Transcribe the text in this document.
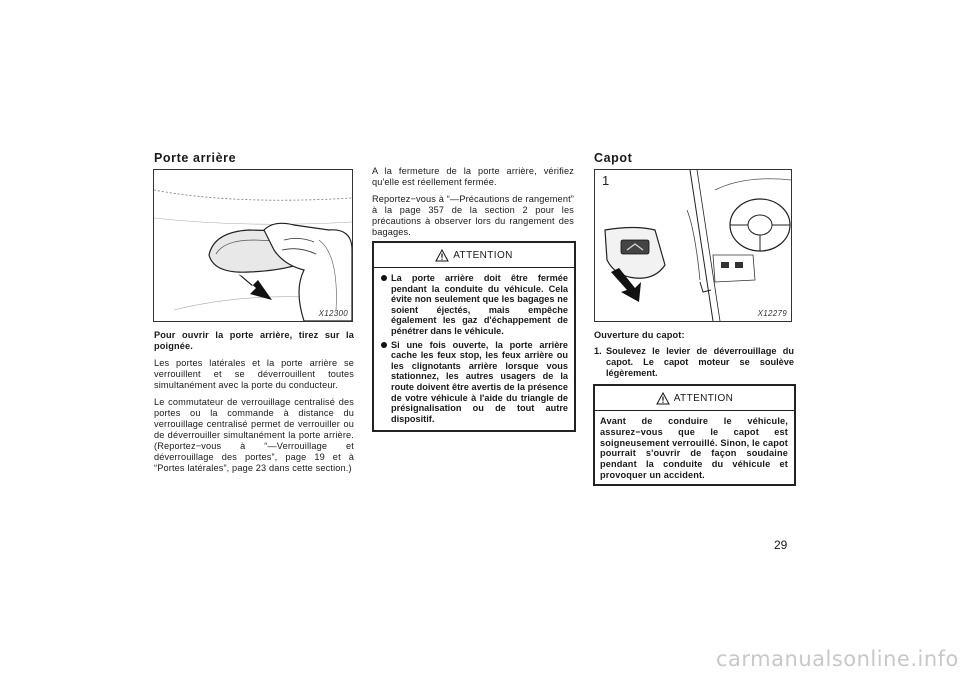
Porte arrière
X12300

Pour ouvrir la porte arrière, tirez sur la poignée.

Les portes latérales et la porte arrière se verrouillent et se déverrouillent toutes simultanément avec la porte du conducteur.

Le commutateur de verrouillage centralisé des portes ou la commande à distance du verrouillage centralisé permet de verrouiller ou de déverrouiller simultanément la porte arrière. (Reportez−vous à “—Verrouillage et déverrouillage des portes”, page 19 et à “Portes latérales”, page 23 dans cette section.)

A la fermeture de la porte arrière, vérifiez qu'elle est réellement fermée.

Reportez−vous à “—Précautions de rangement” à la page 357 de la section 2 pour les précautions à observer lors du rangement des bagages.

ATTENTION
La porte arrière doit être fermée pendant la conduite du véhicule. Cela évite non seulement que les bagages ne soient éjectés, mais empêche également les gaz d'échappement de pénétrer dans le véhicule.
Si une fois ouverte, la porte arrière cache les feux stop, les feux arrière ou les clignotants arrière lorsque vous stationnez, les autres usagers de la route doivent être avertis de la présence de votre véhicule à l'aide du triangle de présignalisation ou de tout autre dispositif.
Capot
1
X12279

Ouverture du capot:

1. Soulevez le levier de déverrouillage du capot. Le capot moteur se soulève légèrement.
ATTENTION

Avant de conduire le véhicule, assurez−vous que le capot est soigneusement verrouillé. Sinon, le capot pourrait s'ouvrir de façon soudaine pendant la conduite du véhicule et provoquer un accident.

29
carmanualsonline.info
